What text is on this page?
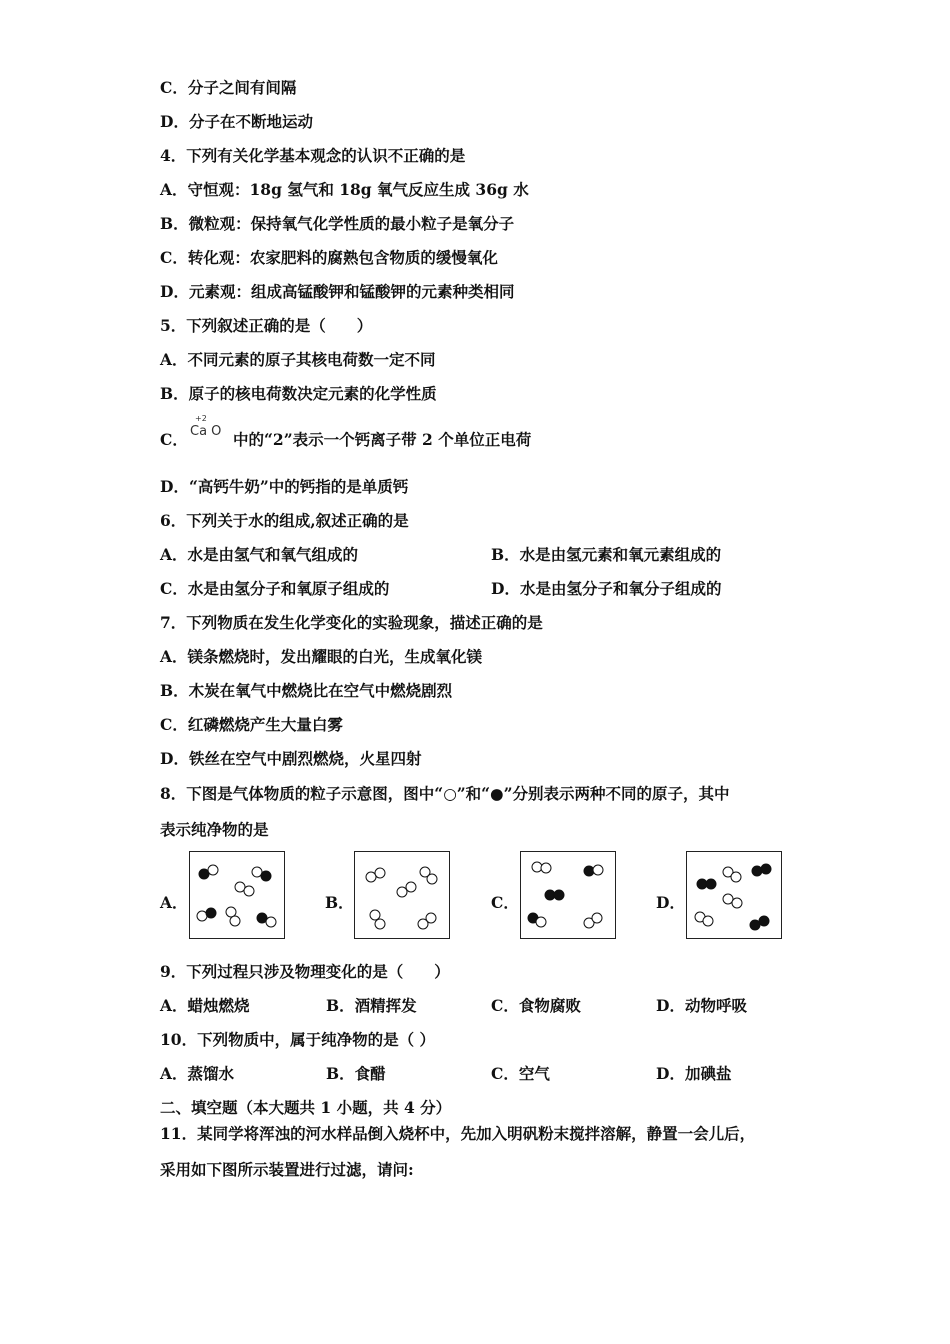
C．分子之间有间隔
D．分子在不断地运动
4．下列有关化学基本观念的认识不正确的是
A．守恒观：18g 氢气和 18g 氧气反应生成 36g 水
B．微粒观：保持氧气化学性质的最小粒子是氧分子
C．转化观：农家肥料的腐熟包含物质的缓慢氧化
D．元素观：组成高锰酸钾和锰酸钾的元素种类相同
5．下列叙述正确的是（　　）
A．不同元素的原子其核电荷数一定不同
B．原子的核电荷数决定元素的化学性质
C．
+2
Ca O 中的“2”表示一个钙离子带 2 个单位正电荷
D．“高钙牛奶”中的钙指的是单质钙
6．下列关于水的组成,叙述正确的是
A．水是由氢气和氧气组成的	B．水是由氢元素和氧元素组成的
C．水是由氢分子和氧原子组成的	D．水是由氢分子和氧分子组成的
7．下列物质在发生化学变化的实验现象，描述正确的是
A．镁条燃烧时，发出耀眼的白光，生成氧化镁
B．木炭在氧气中燃烧比在空气中燃烧剧烈
C．红磷燃烧产生大量白雾
D．铁丝在空气中剧烈燃烧，火星四射
8．下图是气体物质的粒子示意图，图中“○”和“●”分别表示两种不同的原子，其中
表示纯净物的是
A．	B．	C．	D．
9．下列过程只涉及物理变化的是（　　）
A．蜡烛燃烧	B．酒精挥发	C．食物腐败	D．动物呼吸
10．下列物质中，属于纯净物的是（ ）
A．蒸馏水	B．食醋	C．空气	D．加碘盐
二、填空题（本大题共 1 小题，共 4 分）
11．某同学将浑浊的河水样品倒入烧杯中，先加入明矾粉末搅拌溶解，静置一会儿后，
采用如下图所示装置进行过滤，请问:
